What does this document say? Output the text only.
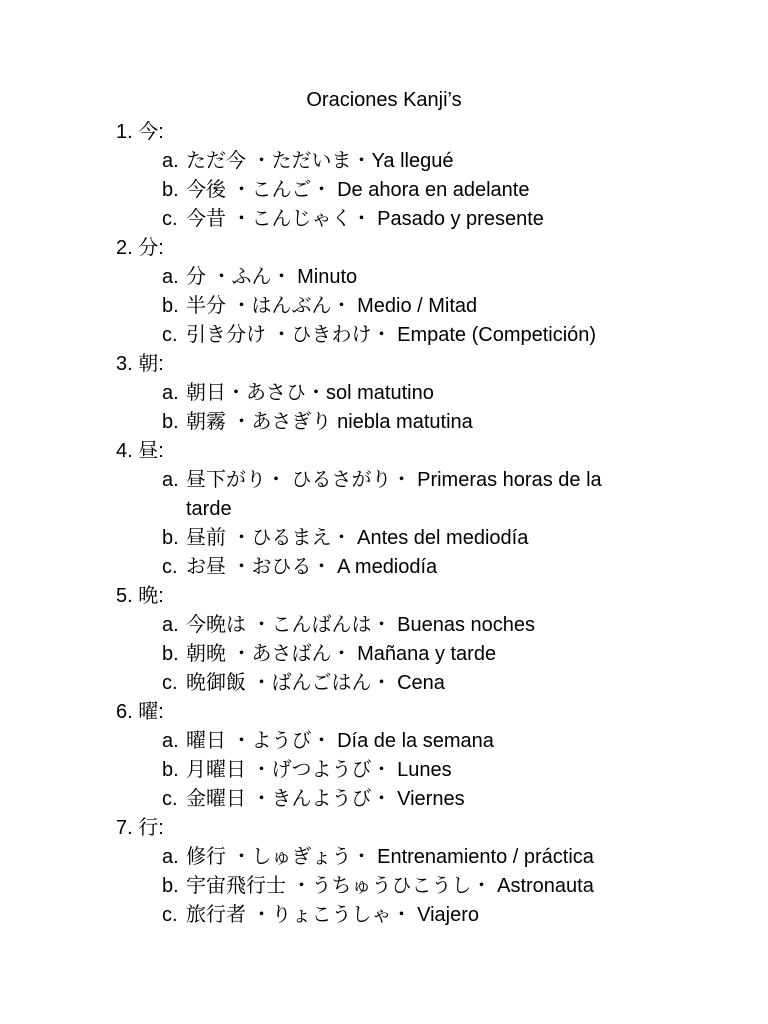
Oraciones Kanji’s
1. 今:
a. ただ今 ・ただいま・Ya llegué
b. 今後 ・こんご・ De ahora en adelante
c. 今昔 ・こんじゃく・ Pasado y presente
2. 分:
a. 分 ・ふん・ Minuto
b. 半分 ・はんぶん・ Medio / Mitad
c. 引き分け ・ひきわけ・ Empate (Competición)
3. 朝:
a. 朝日・あさひ・sol matutino
b. 朝霧 ・あさぎり niebla matutina
4. 昼:
a. 昼下がり・ ひるさがり・ Primeras horas de la tarde
b. 昼前 ・ひるまえ・ Antes del mediodía
c. お昼 ・おひる・ A mediodía
5. 晩:
a. 今晩は ・こんばんは・ Buenas noches
b. 朝晩 ・あさばん・ Mañana y tarde
c. 晩御飯 ・ばんごはん・ Cena
6. 曜:
a. 曜日 ・ようび・ Día de la semana
b. 月曜日 ・げつようび・ Lunes
c. 金曜日 ・きんようび・ Viernes
7. 行:
a. 修行 ・しゅぎょう・ Entrenamiento / práctica
b. 宇宙飛行士 ・うちゅうひこうし・ Astronauta
c. 旅行者 ・りょこうしゃ・ Viajero
